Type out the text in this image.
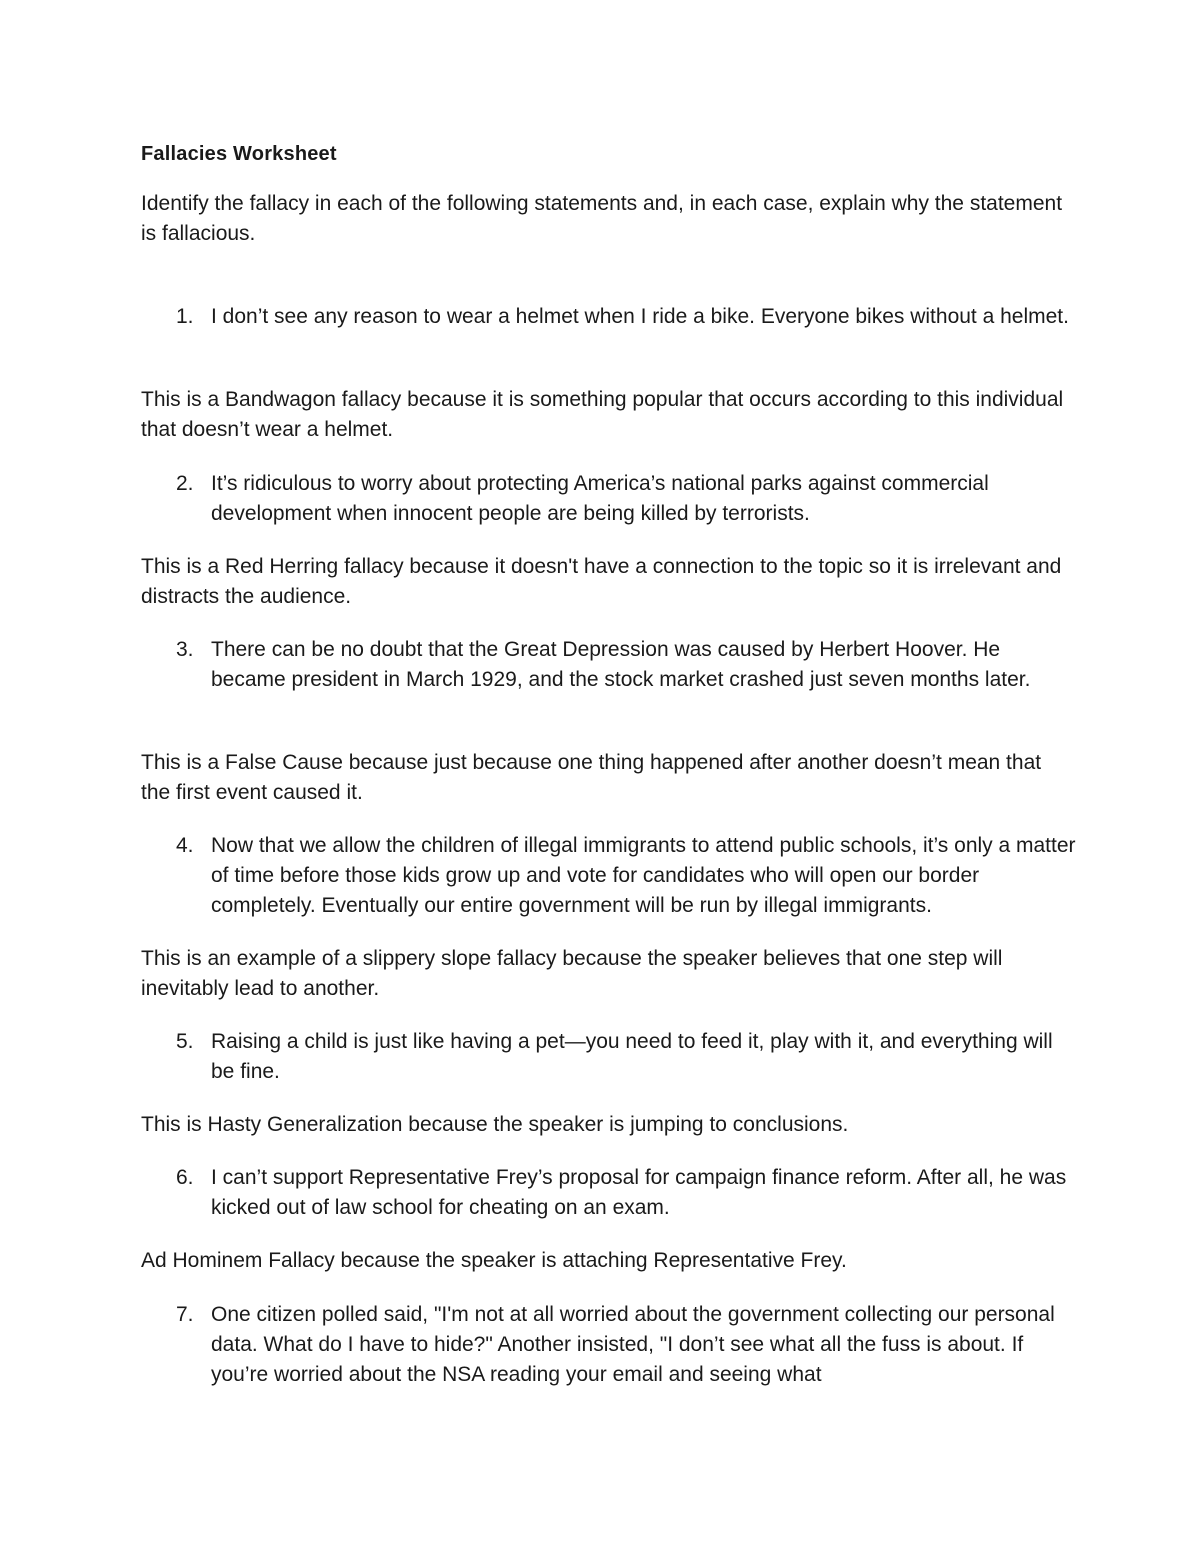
Fallacies Worksheet

Identify the fallacy in each of the following statements and, in each case, explain why the statement is fallacious.

1. I don’t see any reason to wear a helmet when I ride a bike. Everyone bikes without a helmet.

This is a Bandwagon fallacy because it is something popular that occurs according to this individual that doesn’t wear a helmet.

2. It’s ridiculous to worry about protecting America’s national parks against commercial development when innocent people are being killed by terrorists.

This is a Red Herring fallacy because it doesn't have a connection to the topic so it is irrelevant and distracts the audience.

3. There can be no doubt that the Great Depression was caused by Herbert Hoover. He became president in March 1929, and the stock market crashed just seven months later.

This is a False Cause because just because one thing happened after another doesn’t mean that the first event caused it.

4. Now that we allow the children of illegal immigrants to attend public schools, it’s only a matter of time before those kids grow up and vote for candidates who will open our border completely. Eventually our entire government will be run by illegal immigrants.

This is an example of a slippery slope fallacy because the speaker believes that one step will inevitably lead to another.

5. Raising a child is just like having a pet—you need to feed it, play with it, and everything will be fine.

This is Hasty Generalization because the speaker is jumping to conclusions.

6. I can’t support Representative Frey’s proposal for campaign finance reform. After all, he was kicked out of law school for cheating on an exam.

Ad Hominem Fallacy because the speaker is attaching Representative Frey.

7. One citizen polled said, "I'm not at all worried about the government collecting our personal data. What do I have to hide?" Another insisted, "I don’t see what all the fuss is about. If you’re worried about the NSA reading your email and seeing what
